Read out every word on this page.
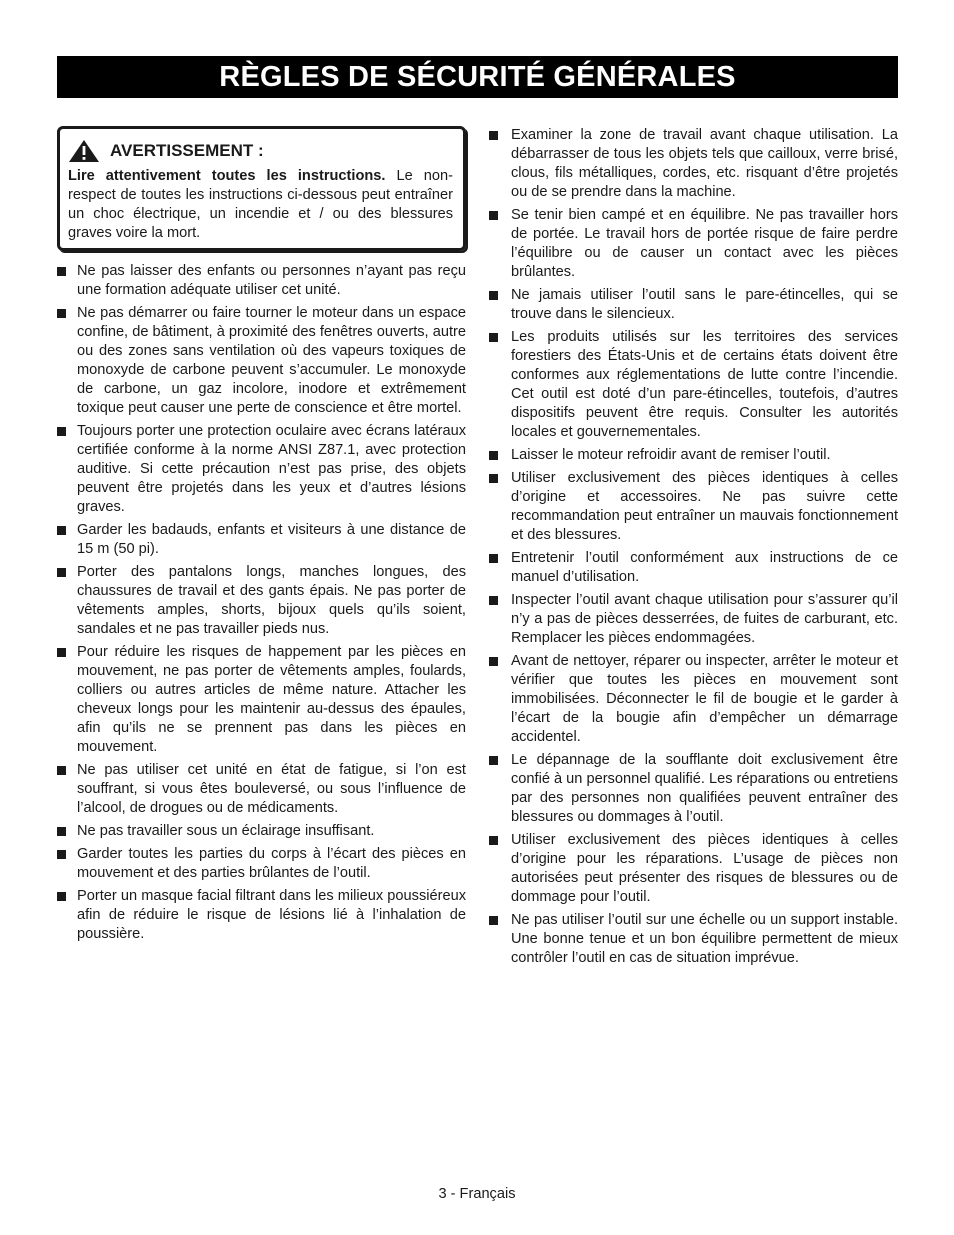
RÈGLES DE SÉCURITÉ GÉNÉRALES
AVERTISSEMENT :
Lire attentivement toutes les instructions. Le non-respect de toutes les instructions ci-dessous peut entraîner un choc électrique, un incendie et / ou des blessures graves voire la mort.
Ne pas laisser des enfants ou personnes n’ayant pas reçu une formation adéquate utiliser cet unité.
Ne pas démarrer ou faire tourner le moteur dans un espace confine, de bâtiment, à proximité des fenêtres ouverts, autre ou des zones sans ventilation où des vapeurs toxiques de monoxyde de carbone peuvent s’accumuler. Le monoxyde de carbone, un gaz incolore, inodore et extrêmement toxique peut causer une perte de conscience et être mortel.
Toujours porter une protection oculaire avec écrans latéraux certifiée conforme à la norme ANSI Z87.1, avec protection auditive. Si cette précaution n’est pas prise, des objets peuvent être projetés dans les yeux et d’autres lésions graves.
Garder les badauds, enfants et visiteurs à une distance de 15 m (50 pi).
Porter des pantalons longs, manches longues, des chaussures de travail et des gants épais. Ne pas porter de vêtements amples, shorts, bijoux quels qu’ils soient, sandales et ne pas travailler pieds nus.
Pour réduire les risques de happement par les pièces en mouvement, ne pas porter de vêtements amples, foulards, colliers ou autres articles de même nature. Attacher les cheveux longs pour les maintenir au-dessus des épaules, afin qu’ils ne se prennent pas dans les pièces en mouvement.
Ne pas utiliser cet unité en état de fatigue, si l’on est souffrant, si vous êtes bouleversé, ou sous l’influence de l’alcool, de drogues ou de médicaments.
Ne pas travailler sous un éclairage insuffisant.
Garder toutes les parties du corps à l’écart des pièces en mouvement et des parties brûlantes de l’outil.
Porter un masque facial filtrant dans les milieux poussiéreux afin de réduire le risque de lésions lié à l’inhalation de poussière.
Examiner la zone de travail avant chaque utilisation. La débarrasser de tous les objets tels que cailloux, verre brisé, clous, fils métalliques, cordes, etc. risquant d’être projetés ou de se prendre dans la machine.
Se tenir bien campé et en équilibre. Ne pas travailler hors de portée. Le travail hors de portée risque de faire perdre l’équilibre ou de causer un contact avec les pièces brûlantes.
Ne jamais utiliser l’outil sans le pare-étincelles, qui se trouve dans le silencieux.
Les produits utilisés sur les territoires des services forestiers des États-Unis et de certains états doivent être conformes aux réglementations de lutte contre l’incendie. Cet outil est doté d’un pare-étincelles, toutefois, d’autres dispositifs peuvent être requis. Consulter les autorités locales et gouvernementales.
Laisser le moteur refroidir avant de remiser l’outil.
Utiliser exclusivement des pièces identiques à celles d’origine et accessoires. Ne pas suivre cette recommandation peut entraîner un mauvais fonctionnement et des blessures.
Entretenir l’outil conformément aux instructions de ce manuel d’utilisation.
Inspecter l’outil avant chaque utilisation pour s’assurer qu’il n’y a pas de pièces desserrées, de fuites de carburant, etc. Remplacer les pièces endommagées.
Avant de nettoyer, réparer ou inspecter, arrêter le moteur et vérifier que toutes les pièces en mouvement sont immobilisées. Déconnecter le fil de bougie et le garder à l’écart de la bougie afin d’empêcher un démarrage accidentel.
Le dépannage de la soufflante doit exclusivement être confié à un personnel qualifié. Les réparations ou entretiens par des personnes non qualifiées peuvent entraîner des blessures ou dommages à l’outil.
Utiliser exclusivement des pièces identiques à celles d’origine pour les réparations. L’usage de pièces non autorisées peut présenter des risques de blessures ou de dommage pour l’outil.
Ne pas utiliser l’outil sur une échelle ou un support instable. Une bonne tenue et un bon équilibre permettent de mieux contrôler l’outil en cas de situation imprévue.
3 - Français
